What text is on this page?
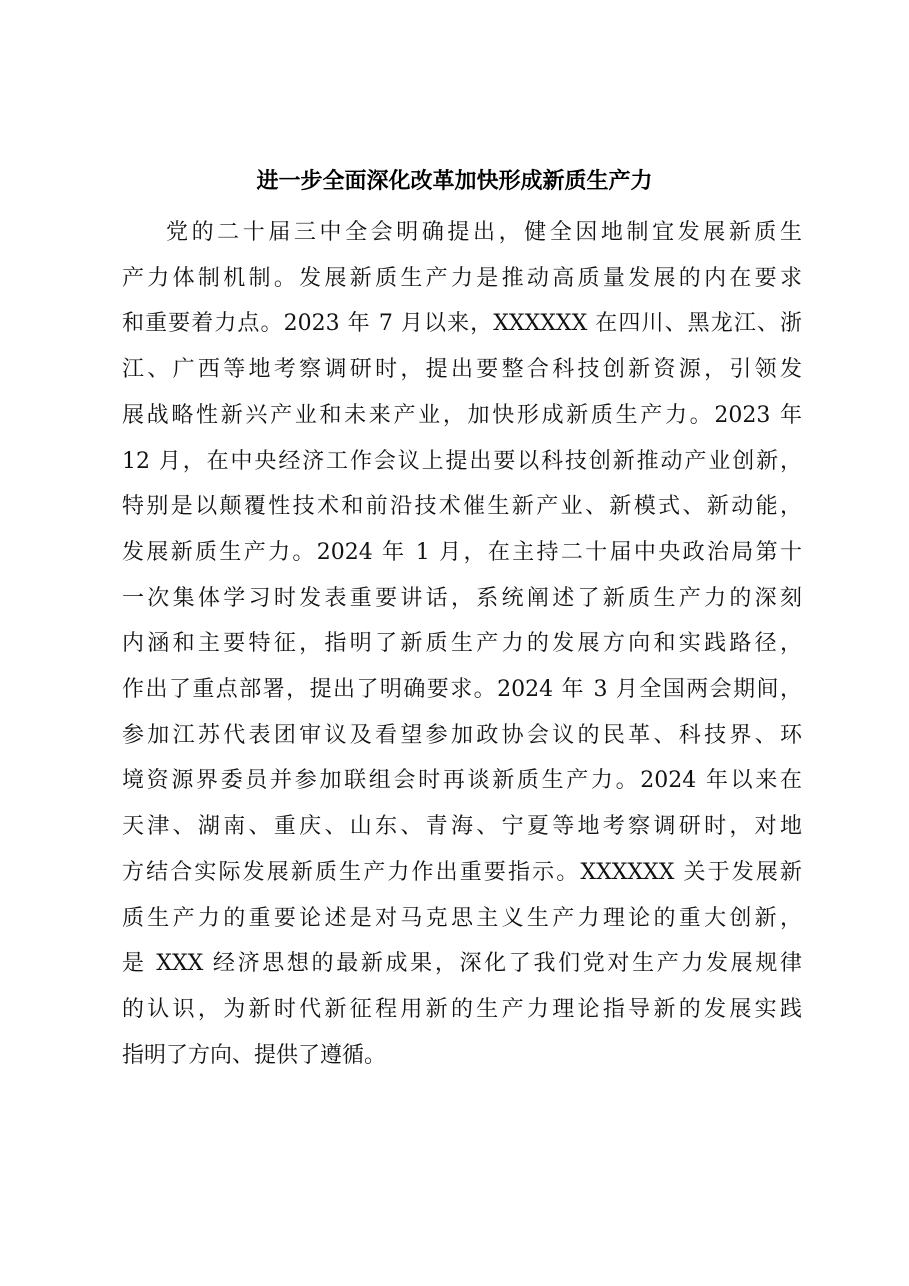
进一步全面深化改革加快形成新质生产力
党的二十届三中全会明确提出，健全因地制宜发展新质生
产力体制机制。发展新质生产力是推动高质量发展的内在要求
和重要着力点。2023 年 7 月以来，XXXXXX 在四川、黑龙江、浙
江、广西等地考察调研时，提出要整合科技创新资源，引领发
展战略性新兴产业和未来产业，加快形成新质生产力。2023 年
12 月，在中央经济工作会议上提出要以科技创新推动产业创新，
特别是以颠覆性技术和前沿技术催生新产业、新模式、新动能，
发展新质生产力。2024 年 1 月，在主持二十届中央政治局第十
一次集体学习时发表重要讲话，系统阐述了新质生产力的深刻
内涵和主要特征，指明了新质生产力的发展方向和实践路径，
作出了重点部署，提出了明确要求。2024 年 3 月全国两会期间，
参加江苏代表团审议及看望参加政协会议的民革、科技界、环
境资源界委员并参加联组会时再谈新质生产力。2024 年以来在
天津、湖南、重庆、山东、青海、宁夏等地考察调研时，对地
方结合实际发展新质生产力作出重要指示。XXXXXX 关于发展新
质生产力的重要论述是对马克思主义生产力理论的重大创新，
是 XXX 经济思想的最新成果，深化了我们党对生产力发展规律
的认识，为新时代新征程用新的生产力理论指导新的发展实践
指明了方向、提供了遵循。
